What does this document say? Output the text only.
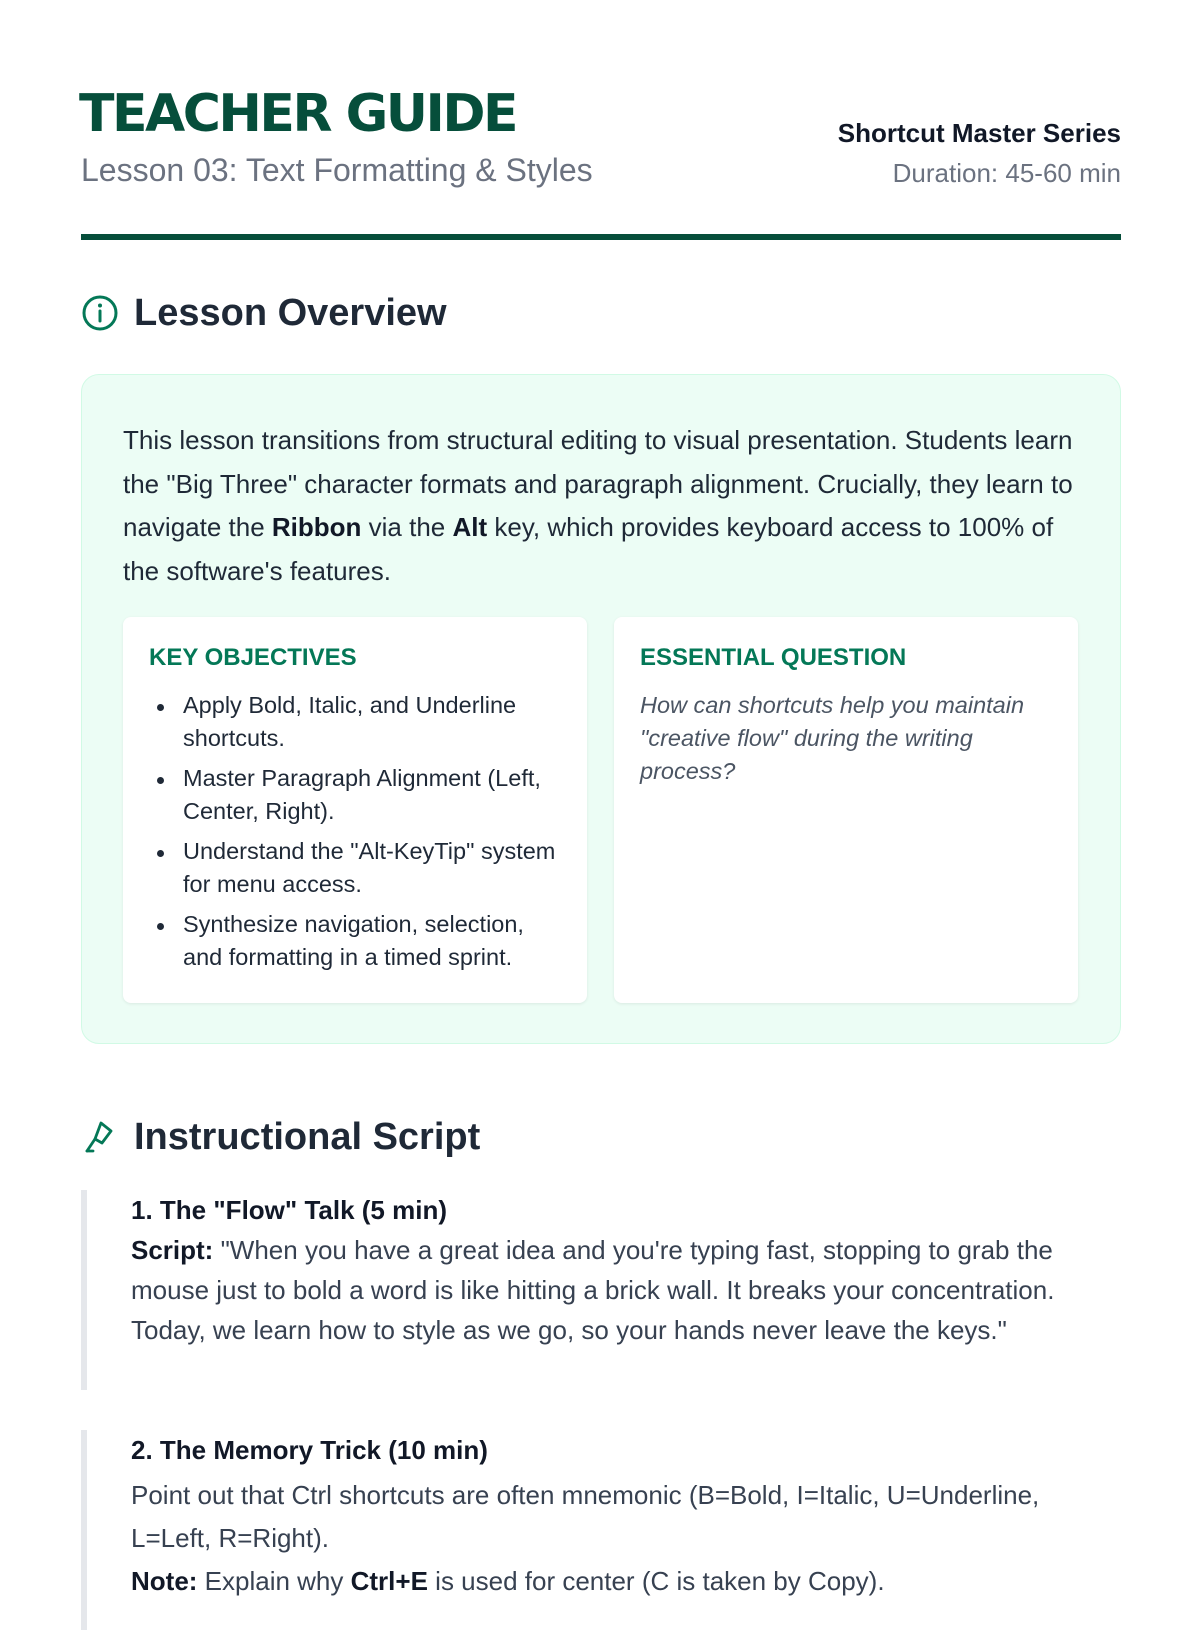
TEACHER GUIDE
Lesson 03: Text Formatting & Styles
Shortcut Master Series
Duration: 45-60 min
Lesson Overview
This lesson transitions from structural editing to visual presentation. Students learn the "Big Three" character formats and paragraph alignment. Crucially, they learn to navigate the Ribbon via the Alt key, which provides keyboard access to 100% of the software's features.
KEY OBJECTIVES
Apply Bold, Italic, and Underline shortcuts.
Master Paragraph Alignment (Left, Center, Right).
Understand the "Alt-KeyTip" system for menu access.
Synthesize navigation, selection, and formatting in a timed sprint.
ESSENTIAL QUESTION
How can shortcuts help you maintain "creative flow" during the writing process?
Instructional Script
1. The "Flow" Talk (5 min)
Script: "When you have a great idea and you're typing fast, stopping to grab the mouse just to bold a word is like hitting a brick wall. It breaks your concentration. Today, we learn how to style as we go, so your hands never leave the keys."
2. The Memory Trick (10 min)
Point out that Ctrl shortcuts are often mnemonic (B=Bold, I=Italic, U=Underline, L=Left, R=Right).
Note: Explain why Ctrl+E is used for center (C is taken by Copy).
